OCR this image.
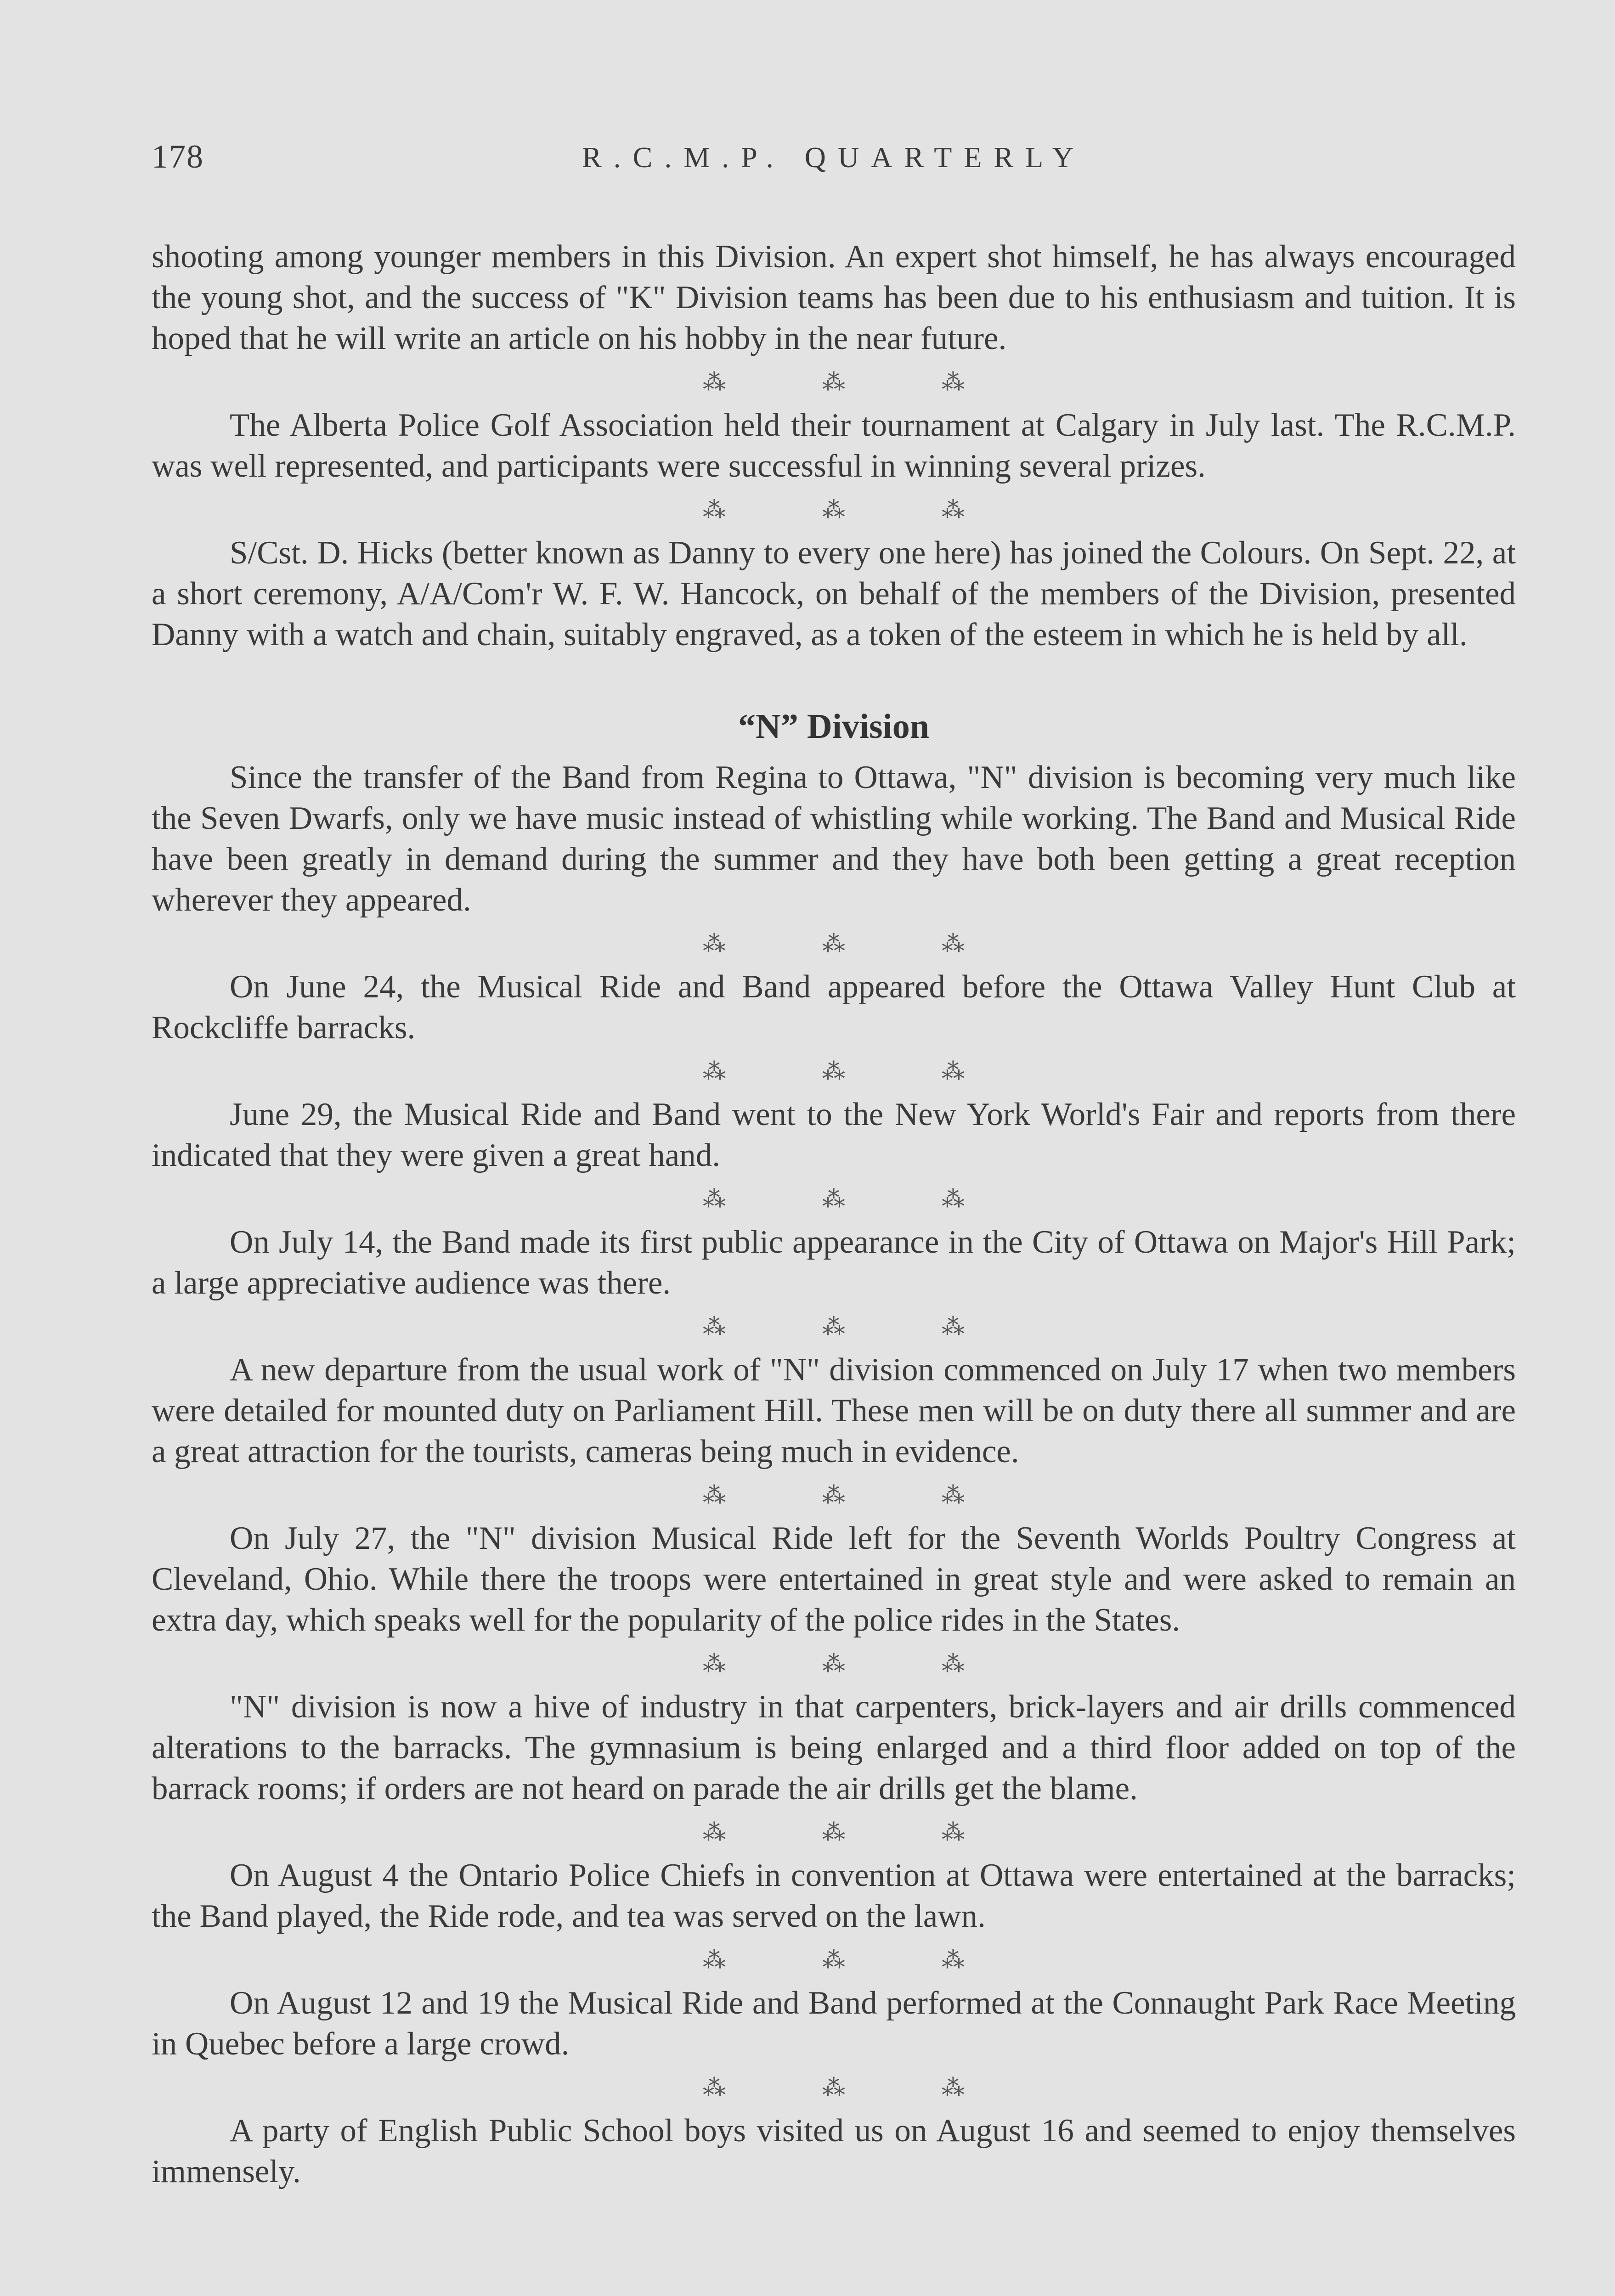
178	R.C.M.P. QUARTERLY

shooting among younger members in this Division. An expert shot himself, he has always encouraged the young shot, and the success of "K" Division teams has been due to his enthusiasm and tuition. It is hoped that he will write an article on his hobby in the near future.

⁂	⁂	⁂

The Alberta Police Golf Association held their tournament at Calgary in July last. The R.C.M.P. was well represented, and participants were successful in winning several prizes.

⁂	⁂	⁂

S/Cst. D. Hicks (better known as Danny to every one here) has joined the Colours. On Sept. 22, at a short ceremony, A/A/Com'r W. F. W. Hancock, on behalf of the members of the Division, presented Danny with a watch and chain, suitably engraved, as a token of the esteem in which he is held by all.

“N” Division

Since the transfer of the Band from Regina to Ottawa, "N" division is becoming very much like the Seven Dwarfs, only we have music instead of whistling while working. The Band and Musical Ride have been greatly in demand during the summer and they have both been getting a great reception wherever they appeared.

⁂	⁂	⁂

On June 24, the Musical Ride and Band appeared before the Ottawa Valley Hunt Club at Rockcliffe barracks.

⁂	⁂	⁂

June 29, the Musical Ride and Band went to the New York World's Fair and reports from there indicated that they were given a great hand.

⁂	⁂	⁂

On July 14, the Band made its first public appearance in the City of Ottawa on Major's Hill Park; a large appreciative audience was there.

⁂	⁂	⁂

A new departure from the usual work of "N" division commenced on July 17 when two members were detailed for mounted duty on Parliament Hill. These men will be on duty there all summer and are a great attraction for the tourists, cameras being much in evidence.

⁂	⁂	⁂

On July 27, the "N" division Musical Ride left for the Seventh Worlds Poultry Congress at Cleveland, Ohio. While there the troops were entertained in great style and were asked to remain an extra day, which speaks well for the popularity of the police rides in the States.

⁂	⁂	⁂

"N" division is now a hive of industry in that carpenters, brick-layers and air drills commenced alterations to the barracks. The gymnasium is being enlarged and a third floor added on top of the barrack rooms; if orders are not heard on parade the air drills get the blame.

⁂	⁂	⁂

On August 4 the Ontario Police Chiefs in convention at Ottawa were entertained at the barracks; the Band played, the Ride rode, and tea was served on the lawn.

⁂	⁂	⁂

On August 12 and 19 the Musical Ride and Band performed at the Connaught Park Race Meeting in Quebec before a large crowd.

⁂	⁂	⁂

A party of English Public School boys visited us on August 16 and seemed to enjoy themselves immensely.
